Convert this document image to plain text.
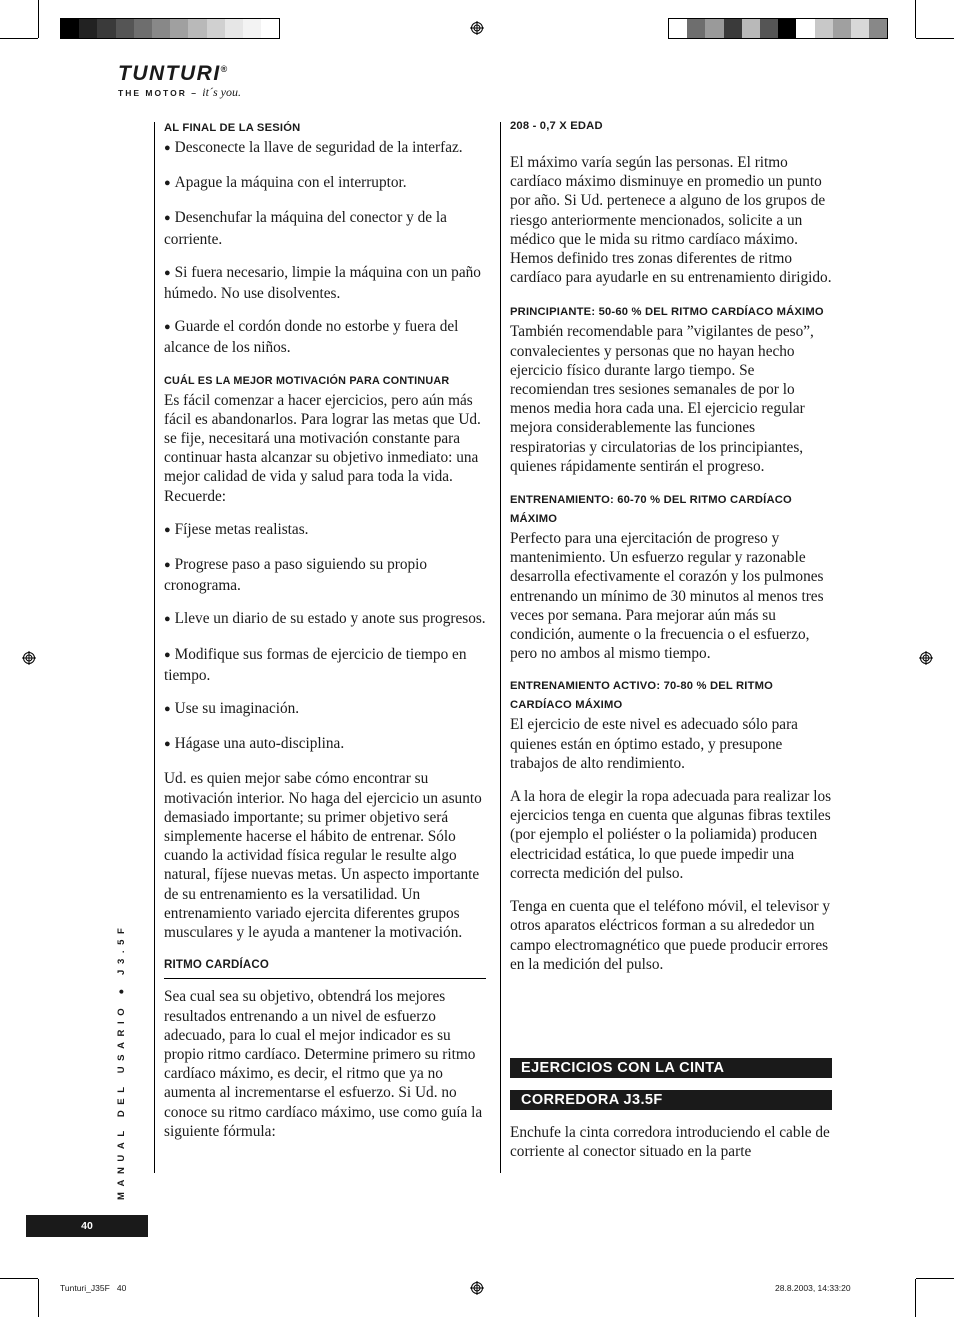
TUNTURI®
THE MOTOR – it´s you.

AL FINAL DE LA SESIÓN

● Desconecte la llave de seguridad de la interfaz.

● Apague la máquina con el interruptor.

● Desenchufar la máquina del conector y de la corriente.

● Si fuera necesario, limpie la máquina con un paño húmedo. No use disolventes.

● Guarde el cordón donde no estorbe y fuera del alcance de los niños.

CUÁL ES LA MEJOR MOTIVACIÓN PARA CONTINUAR

Es fácil comenzar a hacer ejercicios, pero aún más fácil es abandonarlos. Para lograr las metas que Ud. se fije, necesitará una motivación constante para continuar hasta alcanzar su objetivo inmediato: una mejor calidad de vida y salud para toda la vida. Recuerde:

● Fíjese metas realistas.

● Progrese paso a paso siguiendo su propio cronograma.

● Lleve un diario de su estado y anote sus progresos.

● Modifique sus formas de ejercicio de tiempo en tiempo.

● Use su imaginación.

● Hágase una auto-disciplina.

Ud. es quien mejor sabe cómo encontrar su motivación interior. No haga del ejercicio un asunto demasiado importante; su primer objetivo será simplemente hacerse el hábito de entrenar. Sólo cuando la actividad física regular le resulte algo natural, fíjese nuevas metas. Un aspecto importante de su entrenamiento es la versatilidad. Un entrenamiento variado ejercita diferentes grupos musculares y le ayuda a mantener la motivación.

RITMO CARDÍACO

Sea cual sea su objetivo, obtendrá los mejores resultados entrenando a un nivel de esfuerzo adecuado, para lo cual el mejor indicador es su propio ritmo cardíaco. Determine primero su ritmo cardíaco máximo, es decir, el ritmo que ya no aumenta al incrementarse el esfuerzo. Si Ud. no conoce su ritmo cardíaco máximo, use como guía la siguiente fórmula:

208 - 0,7 X EDAD

El máximo varía según las personas. El ritmo cardíaco máximo disminuye en promedio un punto por año. Si Ud. pertenece a alguno de los grupos de riesgo anteriormente mencionados, solicite a un médico que le mida su ritmo cardíaco máximo. Hemos definido tres zonas diferentes de ritmo cardíaco para ayudarle en su entrenamiento dirigido.

PRINCIPIANTE: 50-60 % DEL RITMO CARDÍACO MÁXIMO

También recomendable para ”vigilantes de peso”, convalecientes y personas que no hayan hecho ejercicio físico durante largo tiempo. Se recomiendan tres sesiones semanales de por lo menos media hora cada una. El ejercicio regular mejora considerablemente las funciones respiratorias y circulatorias de los principiantes, quienes rápidamente sentirán el progreso.

ENTRENAMIENTO: 60-70 % DEL RITMO CARDÍACO MÁXIMO

Perfecto para una ejercitación de progreso y mantenimiento. Un esfuerzo regular y razonable desarrolla efectivamente el corazón y los pulmones entrenando un mínimo de 30 minutos al menos tres veces por semana. Para mejorar aún más su condición, aumente o la frecuencia o el esfuerzo, pero no ambos al mismo tiempo.

ENTRENAMIENTO ACTIVO: 70-80 % DEL RITMO CARDÍACO MÁXIMO

El ejercicio de este nivel es adecuado sólo para quienes están en óptimo estado, y presupone trabajos de alto rendimiento.

A la hora de elegir la ropa adecuada para realizar los ejercicios tenga en cuenta que algunas fibras textiles (por ejemplo el poliéster o la poliamida) producen electricidad estática, lo que puede impedir una correcta medición del pulso.

Tenga en cuenta que el teléfono móvil, el televisor y otros aparatos eléctricos forman a su alrededor un campo electromagnético que puede producir errores en la medición del pulso.

EJERCICIOS CON LA CINTA
CORREDORA J3.5F

Enchufe la cinta corredora introduciendo el cable de corriente al conector situado en la parte

MANUAL DEL USARIO ● J3.5F
40
Tunturi_J35F   40	28.8.2003, 14:33:20
